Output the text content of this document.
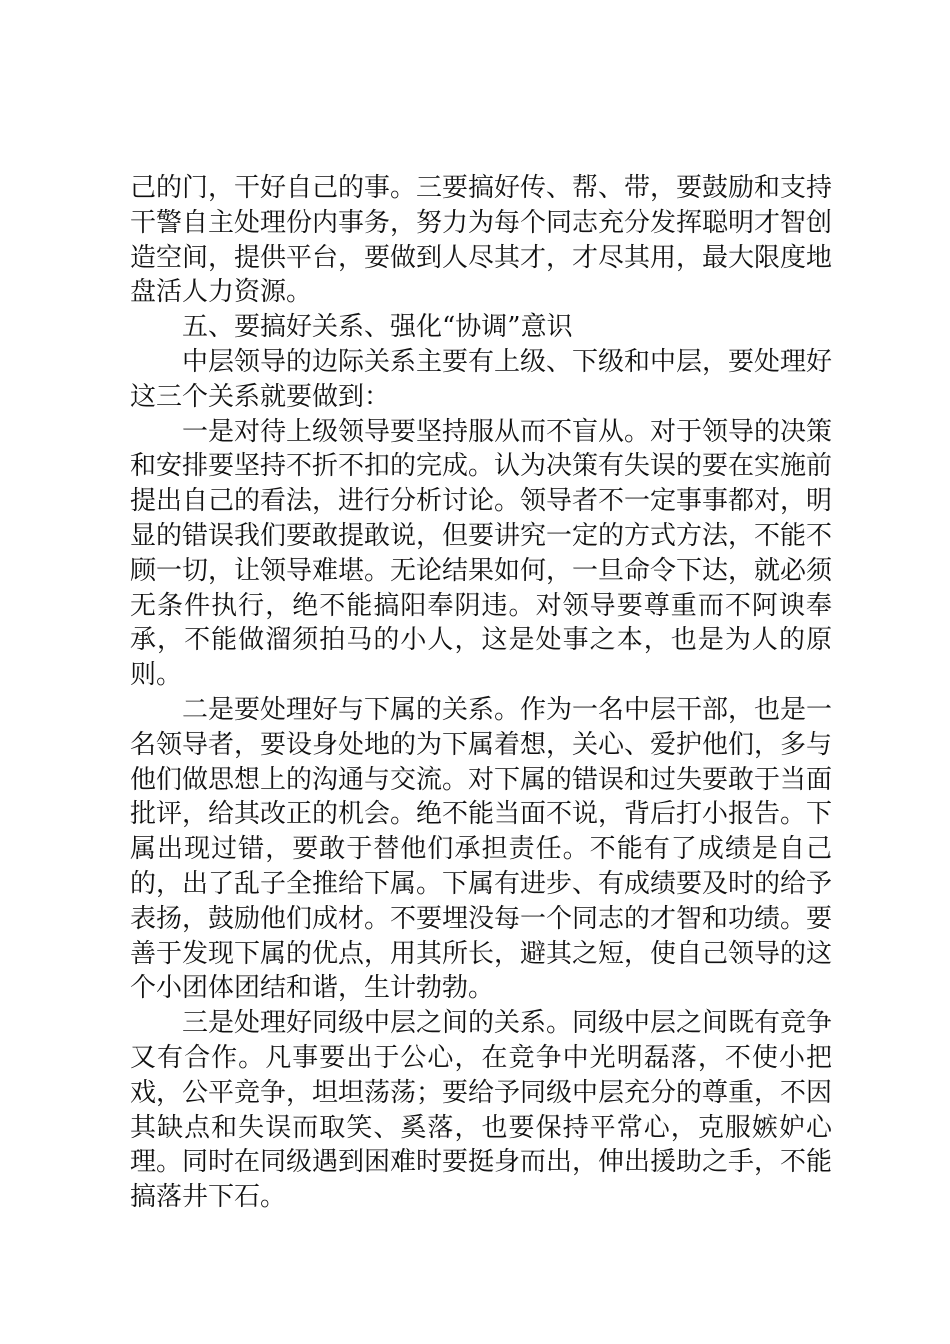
己的门，干好自己的事。三要搞好传、帮、带，要鼓励和支持干警自主处理份内事务，努力为每个同志充分发挥聪明才智创造空间，提供平台，要做到人尽其才，才尽其用，最大限度地盘活人力资源。

五、要搞好关系、强化“协调”意识

中层领导的边际关系主要有上级、下级和中层，要处理好这三个关系就要做到：

一是对待上级领导要坚持服从而不盲从。对于领导的决策和安排要坚持不折不扣的完成。认为决策有失误的要在实施前提出自己的看法，进行分析讨论。领导者不一定事事都对，明显的错误我们要敢提敢说，但要讲究一定的方式方法，不能不顾一切，让领导难堪。无论结果如何，一旦命令下达，就必须无条件执行，绝不能搞阳奉阴违。对领导要尊重而不阿谀奉承，不能做溜须拍马的小人，这是处事之本，也是为人的原则。

二是要处理好与下属的关系。作为一名中层干部，也是一名领导者，要设身处地的为下属着想，关心、爱护他们，多与他们做思想上的沟通与交流。对下属的错误和过失要敢于当面批评，给其改正的机会。绝不能当面不说，背后打小报告。下属出现过错，要敢于替他们承担责任。不能有了成绩是自己的，出了乱子全推给下属。下属有进步、有成绩要及时的给予表扬，鼓励他们成材。不要埋没每一个同志的才智和功绩。要善于发现下属的优点，用其所长，避其之短，使自己领导的这个小团体团结和谐，生计勃勃。

三是处理好同级中层之间的关系。同级中层之间既有竞争又有合作。凡事要出于公心，在竞争中光明磊落，不使小把戏，公平竞争，坦坦荡荡；要给予同级中层充分的尊重，不因其缺点和失误而取笑、奚落，也要保持平常心，克服嫉妒心理。同时在同级遇到困难时要挺身而出，伸出援助之手，不能搞落井下石。
